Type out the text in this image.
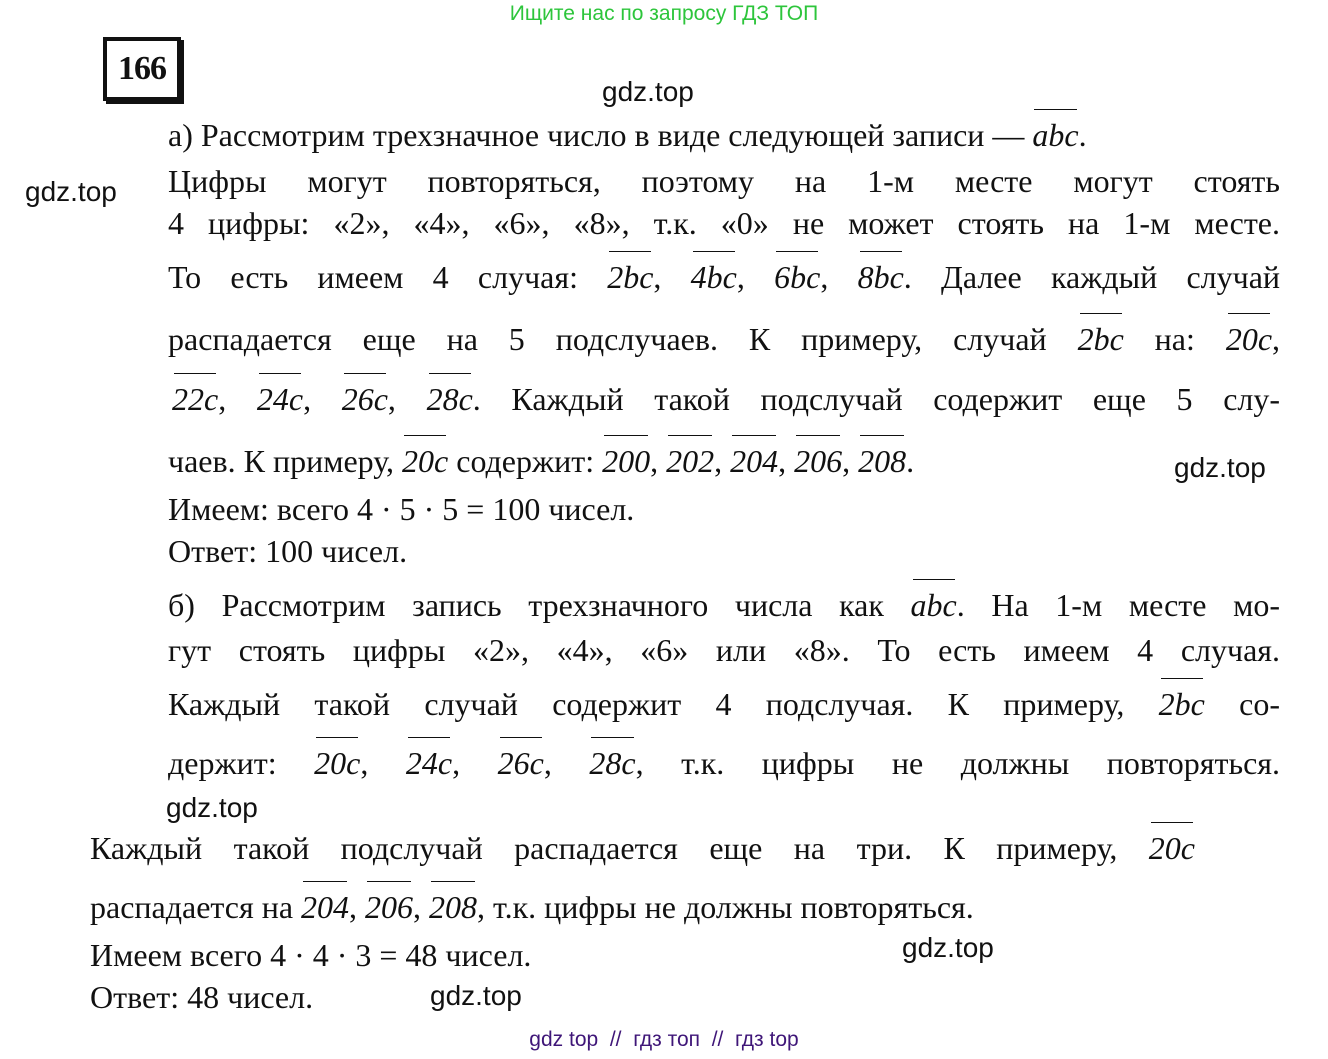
Ищите нас по запросу ГДЗ ТОП
166
gdz.top
gdz.top
gdz.top
gdz.top
gdz.top
gdz.top
а) Рассмотрим трехзначное число в виде следующей записи — abc.
Цифры могут повторяться, поэтому на 1-м месте могут стоять
4 цифры: «2», «4», «6», «8», т.к. «0» не может стоять на 1-м месте.
То есть имеем 4 случая: 2bc, 4bc, 6bc, 8bc. Далее каждый случай
распадается еще на 5 подслучаев. К примеру, случай 2bc на: 20c,
22c, 24c, 26c, 28c. Каждый такой подслучай содержит еще 5 слу-
чаев. К примеру, 20c содержит: 200, 202, 204, 206, 208.
Имеем: всего 4 · 5 · 5 = 100 чисел.
Ответ: 100 чисел.
б) Рассмотрим запись трехзначного числа как abc. На 1-м месте мо-
гут стоять цифры «2», «4», «6» или «8». То есть имеем 4 случая.
Каждый такой случай содержит 4 подслучая. К примеру, 2bc со-
держит: 20c, 24c, 26c, 28c, т.к. цифры не должны повторяться.
Каждый такой подслучай распадается еще на три. К примеру, 20c
распадается на 204, 206, 208, т.к. цифры не должны повторяться.
Имеем всего 4 · 4 · 3 = 48 чисел.
Ответ: 48 чисел.
gdz top  //  гдз топ  //  гдз top
